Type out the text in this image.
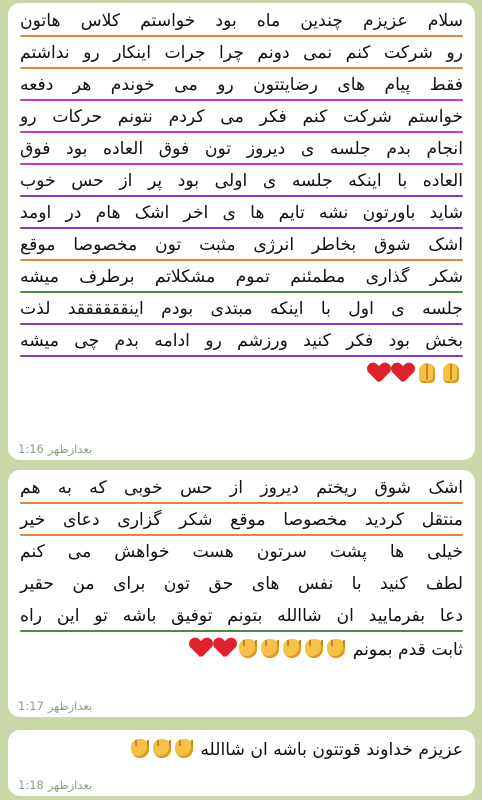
سلام عزیزم چندین ماه بود خواستم کلاس هاتون
رو شرکت کنم نمی دونم چرا جرات اینکار رو نداشتم
فقط پیام های رضایتتون رو می خوندم هر دفعه
خواستم شرکت کنم فکر می کردم نتونم حرکات رو
انجام بدم جلسه ی دیروز تون فوق العاده بود فوق
العاده با اینکه جلسه ی اولی بود پر از حس خوب
شاید باورتون نشه تایم ها ی اخر اشک هام در اومد
اشک شوق بخاطر انرژی مثبت تون مخصوصا موقع
شکر گذاری مطمئنم تموم مشکلاتم برطرف میشه
جلسه ی اول با اینکه مبتدی بودم اینققققققد لذت
بخش بود فکر کنید ورزشم رو ادامه بدم چی میشه
1:16 بعدازظهر
اشک شوق ریختم دیروز از حس خوبی که به هم
منتقل کردید مخصوصا موقع شکر گزاری دعای خیر
خیلی ها پشت سرتون هست خواهش می کنم
لطف کنید با نفس های حق تون برای من حقیر
دعا بفرمایید ان شاالله بتونم توفیق باشه تو این راه
ثابت قدم بمونم
1:17 بعدازظهر
عزیزم خداوند قوتتون باشه ان شاالله
1:18 بعدازظهر
